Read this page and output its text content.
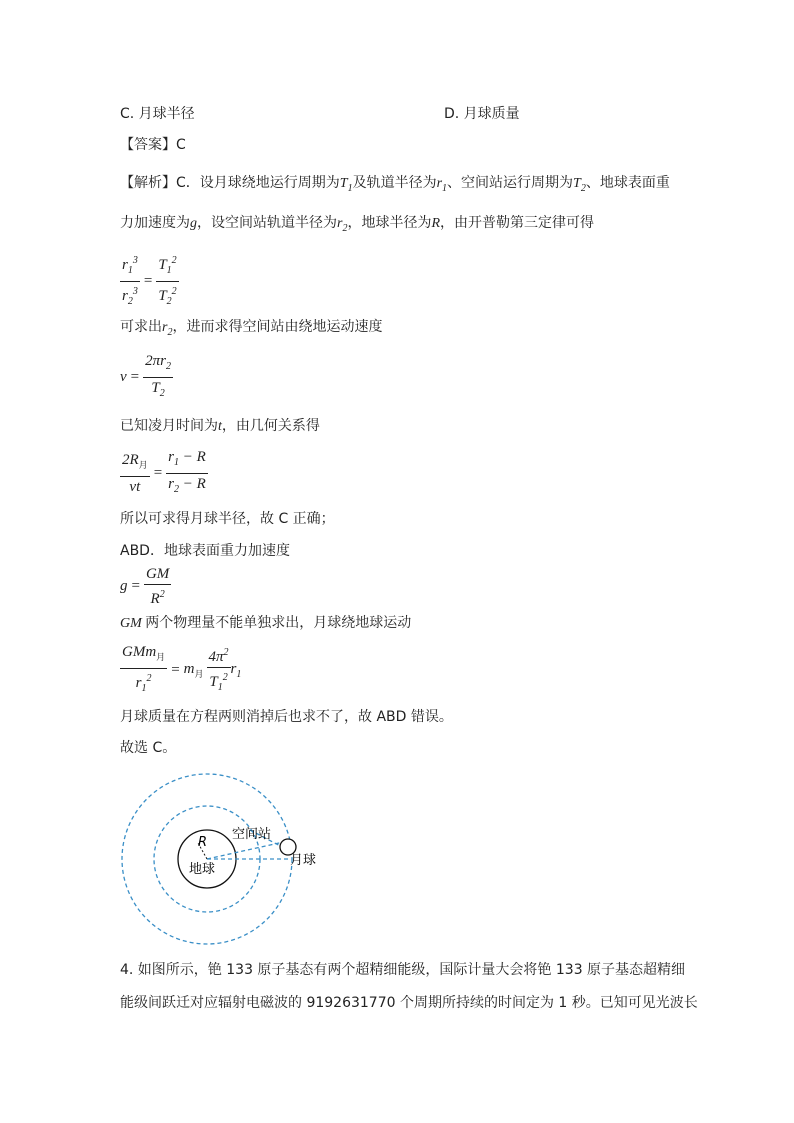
C. 月球半径	D. 月球质量
【答案】C
【解析】C．设月球绕地运行周期为$T_1$及轨道半径为$r_1$、空间站运行周期为$T_2$、地球表面重
力加速度为g，设空间站轨道半径为$r_2$，地球半径为R，由开普勒第三定律可得
$\frac{r_1^3}{r_2^3} = \frac{T_1^2}{T_2^2}$
可求出$r_2$，进而求得空间站由绕地运动速度
$v = \frac{2\pi r_2}{T_2}$
已知凌月时间为t，由几何关系得
$\frac{2R_月}{vt} = \frac{r_1 - R}{r_2 - R}$
所以可求得月球半径，故 C 正确；
ABD．地球表面重力加速度
$g = \frac{GM}{R^2}$
GM 两个物理量不能单独求出，月球绕地球运动
$\frac{GMm_月}{r_1^2} = m_月 \frac{4\pi^2}{T_1^2} r_1$
月球质量在方程两则消掉后也求不了，故 ABD 错误。
故选 C。
R
空间站
地球
月球
4. 如图所示，铯 133 原子基态有两个超精细能级，国际计量大会将铯 133 原子基态超精细
能级间跃迁对应辐射电磁波的 9192631770 个周期所持续的时间定为 1 秒。已知可见光波长
